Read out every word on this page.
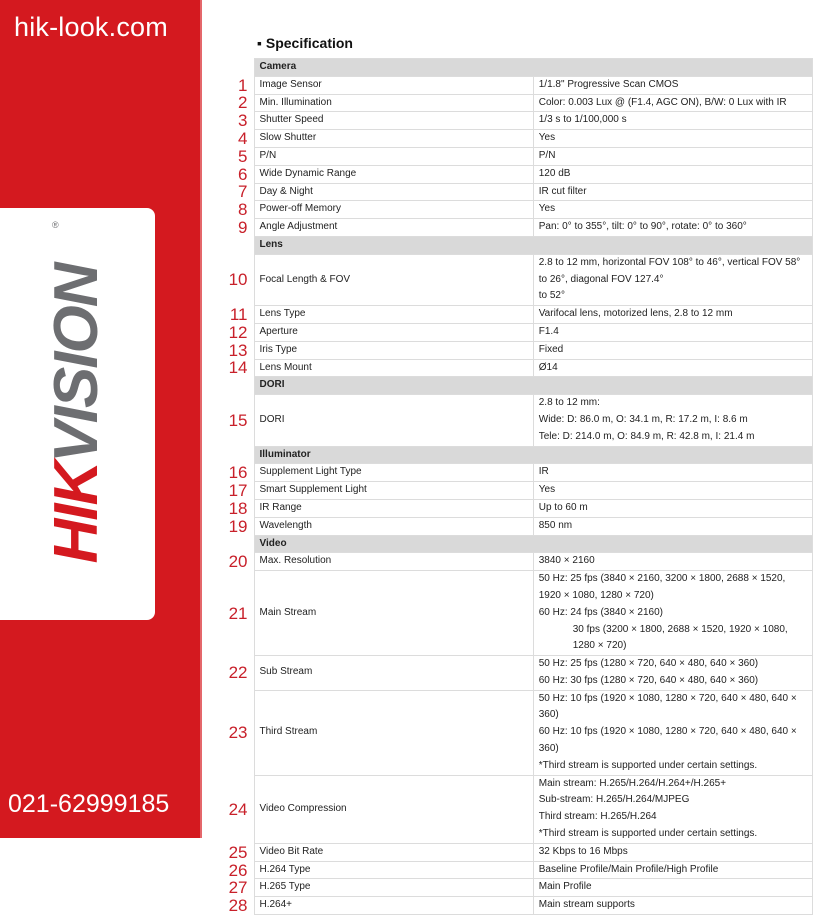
hik-look.com
HIKVISION
®
021-62999185
▪ Specification
	Camera	
1	Image Sensor	1/1.8" Progressive Scan CMOS

2	Min. Illumination	Color: 0.003 Lux @ (F1.4, AGC ON), B/W: 0 Lux with IR

3	Shutter Speed	1/3 s to 1/100,000 s

4	Slow Shutter	Yes

5	P/N	P/N

6	Wide Dynamic Range	120 dB

7	Day & Night	IR cut filter

8	Power-off Memory	Yes

9	Angle Adjustment	Pan: 0° to 355°, tilt: 0° to 90°, rotate: 0° to 360°

	Lens	
10	Focal Length & FOV	2.8 to 12 mm, horizontal FOV 108° to 46°, vertical FOV 58° to 26°, diagonal FOV 127.4°
to 52°

11	Lens Type	Varifocal lens, motorized lens, 2.8 to 12 mm

12	Aperture	F1.4

13	Iris Type	Fixed

14	Lens Mount	Ø14

	DORI	
15	DORI	2.8 to 12 mm:
Wide: D: 86.0 m, O: 34.1 m, R: 17.2 m, I: 8.6 m
Tele: D: 214.0 m, O: 84.9 m, R: 42.8 m, I: 21.4 m

	Illuminator	
16	Supplement Light Type	IR

17	Smart Supplement Light	Yes

18	IR Range	Up to 60 m

19	Wavelength	850 nm

	Video	
20	Max. Resolution	3840 × 2160

21	Main Stream	50 Hz: 25 fps (3840 × 2160, 3200 × 1800, 2688 × 1520, 1920 × 1080, 1280 × 720)
60 Hz: 24 fps (3840 × 2160)
30 fps (3200 × 1800, 2688 × 1520, 1920 × 1080, 1280 × 720)

22	Sub Stream	50 Hz: 25 fps (1280 × 720, 640 × 480, 640 × 360)
60 Hz: 30 fps (1280 × 720, 640 × 480, 640 × 360)

23	Third Stream	50 Hz: 10 fps (1920 × 1080, 1280 × 720, 640 × 480, 640 × 360)
60 Hz: 10 fps (1920 × 1080, 1280 × 720, 640 × 480, 640 × 360)
*Third stream is supported under certain settings.

24	Video Compression	Main stream: H.265/H.264/H.264+/H.265+
Sub-stream: H.265/H.264/MJPEG
Third stream: H.265/H.264
*Third stream is supported under certain settings.

25	Video Bit Rate	32 Kbps to 16 Mbps

26	H.264 Type	Baseline Profile/Main Profile/High Profile

27	H.265 Type	Main Profile

28	H.264+	Main stream supports
